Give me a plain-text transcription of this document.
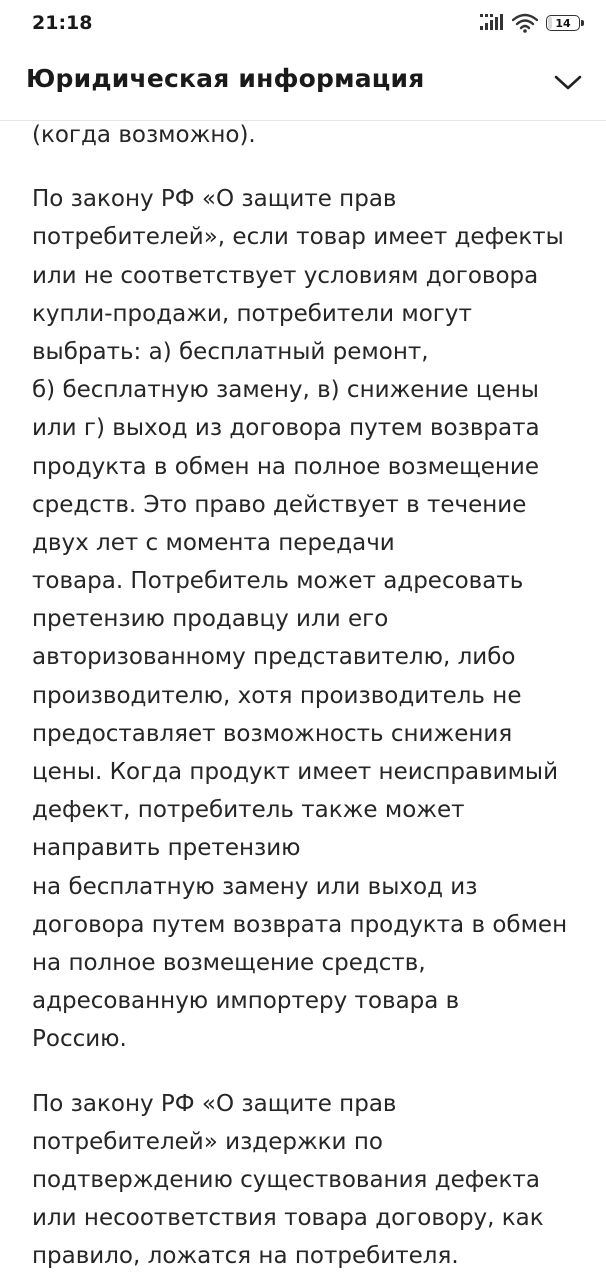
21:18	14
Юридическая информация
(когда возможно).
По закону РФ «О защите прав
потребителей», если товар имеет дефекты
или не соответствует условиям договора
купли-продажи, потребители могут
выбрать: а) бесплатный ремонт,
б) бесплатную замену, в) снижение цены
или г) выход из договора путем возврата
продукта в обмен на полное возмещение
средств. Это право действует в течение
двух лет с момента передачи
товара. Потребитель может адресовать
претензию продавцу или его
авторизованному представителю, либо
производителю, хотя производитель не
предоставляет возможность снижения
цены. Когда продукт имеет неисправимый
дефект, потребитель также может
направить претензию
на бесплатную замену или выход из
договора путем возврата продукта в обмен
на полное возмещение средств,
адресованную импортеру товара в
Россию.
По закону РФ «О защите прав
потребителей» издержки по
подтверждению существования дефекта
или несоответствия товара договору, как
правило, ложатся на потребителя.
